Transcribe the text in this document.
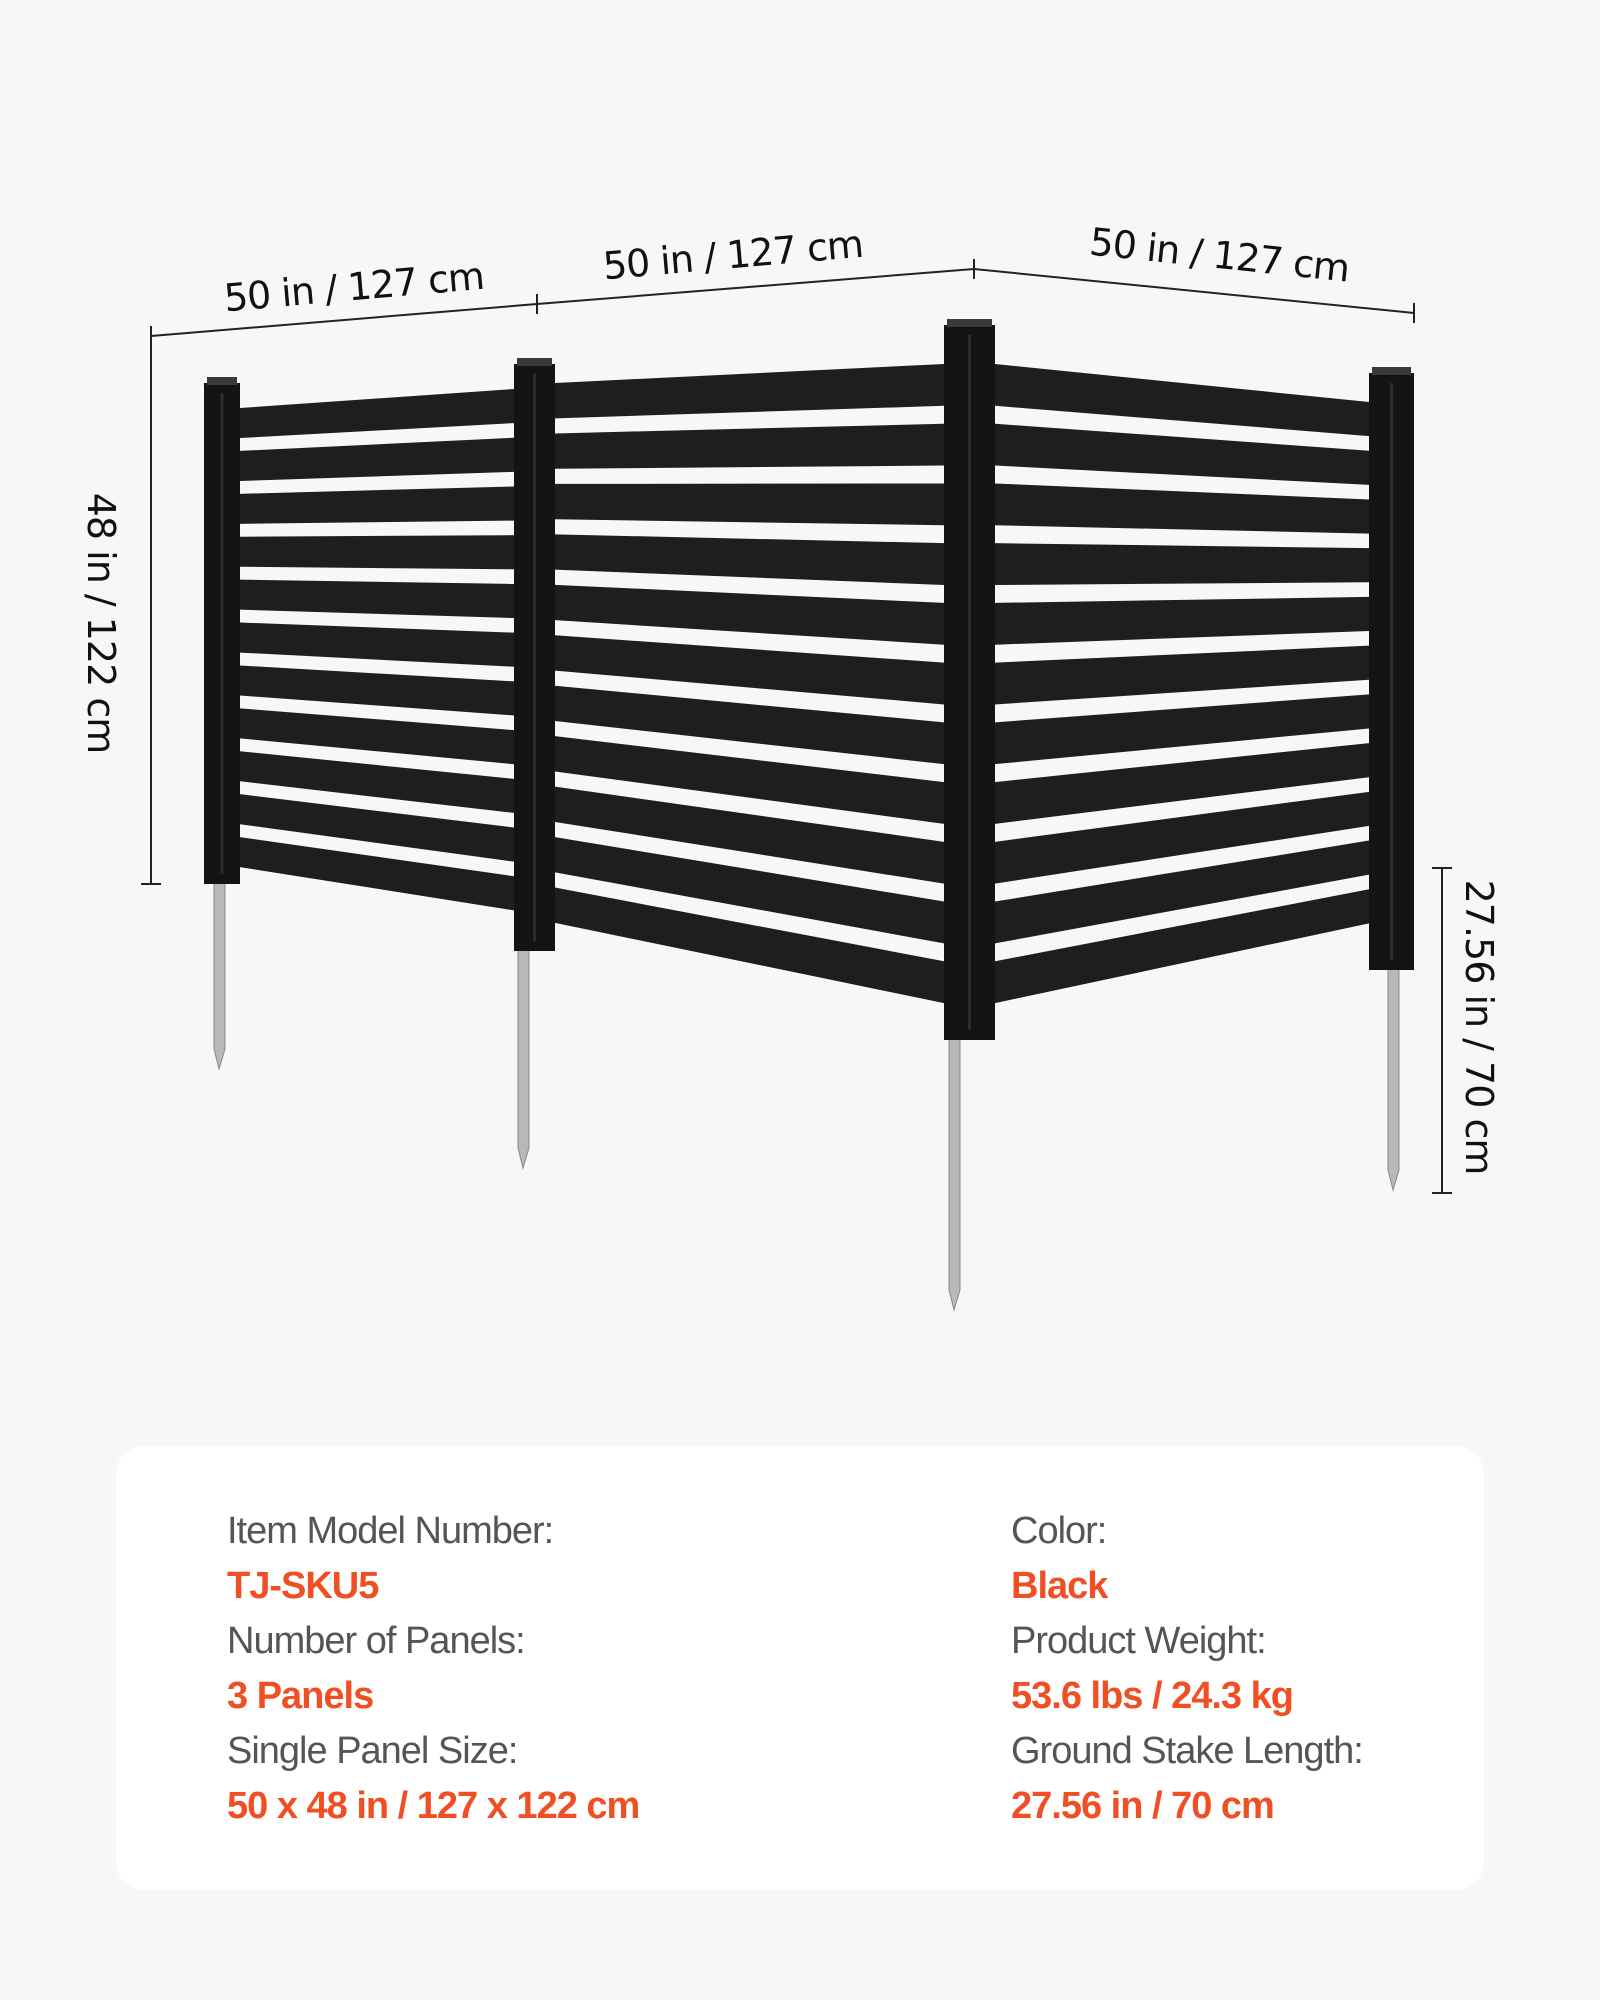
50 in / 127 cm	50 in / 127 cm	50 in / 127 cm
48 in / 122 cm
27.56 in / 70 cm
Item Model Number:
TJ-SKU5
Number of Panels:
3 Panels
Single Panel Size:
50 x 48 in / 127 x 122 cm
Color:
Black
Product Weight:
53.6 lbs / 24.3 kg
Ground Stake Length:
27.56 in / 70 cm
